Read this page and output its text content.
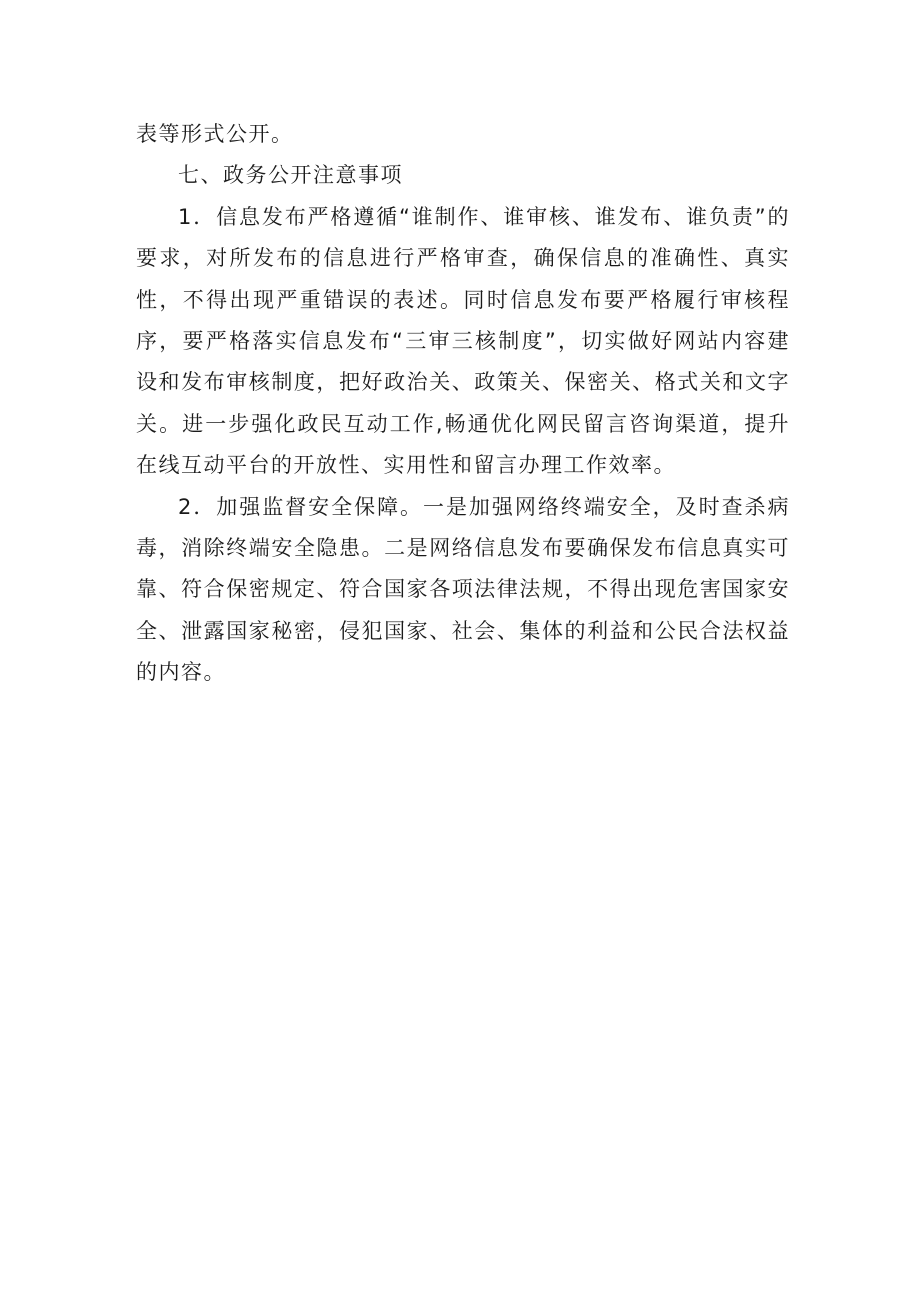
表等形式公开。

七、政务公开注意事项

1．信息发布严格遵循“谁制作、谁审核、谁发布、谁负责”的要求，对所发布的信息进行严格审查，确保信息的准确性、真实性，不得出现严重错误的表述。同时信息发布要严格履行审核程序，要严格落实信息发布“三审三核制度”，切实做好网站内容建设和发布审核制度，把好政治关、政策关、保密关、格式关和文字关。进一步强化政民互动工作,畅通优化网民留言咨询渠道，提升在线互动平台的开放性、实用性和留言办理工作效率。

2．加强监督安全保障。一是加强网络终端安全，及时查杀病毒，消除终端安全隐患。二是网络信息发布要确保发布信息真实可靠、符合保密规定、符合国家各项法律法规，不得出现危害国家安全、泄露国家秘密，侵犯国家、社会、集体的利益和公民合法权益的内容。
